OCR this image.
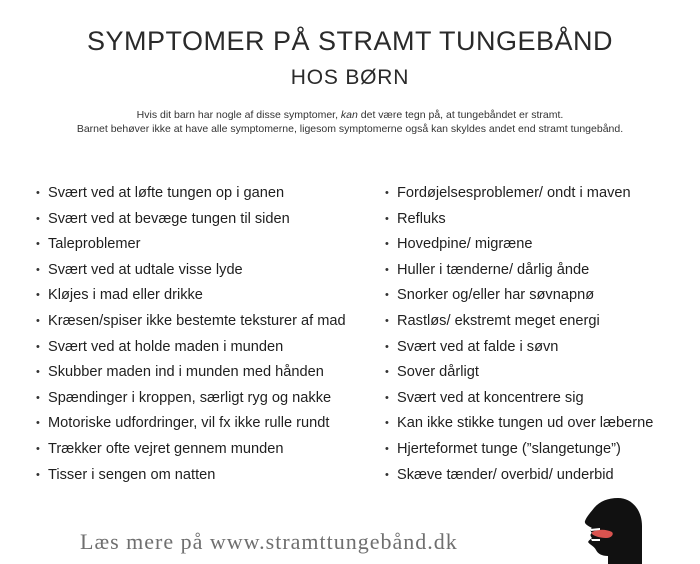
SYMPTOMER PÅ STRAMT TUNGEBÅND
HOS BØRN
Hvis dit barn har nogle af disse symptomer, kan det være tegn på, at tungebåndet er stramt.
Barnet behøver ikke at have alle symptomerne, ligesom symptomerne også kan skyldes andet end stramt tungebånd.
• Svært ved at løfte tungen op i ganen
• Svært ved at bevæge tungen til siden
• Taleproblemer
• Svært ved at udtale visse lyde
• Kløjes i mad eller drikke
• Kræsen/spiser ikke bestemte teksturer af mad
• Svært ved at holde maden i munden
• Skubber maden ind i munden med hånden
• Spændinger i kroppen, særligt ryg og nakke
• Motoriske udfordringer, vil fx ikke rulle rundt
• Trækker ofte vejret gennem munden
• Tisser i sengen om natten
• Fordøjelsesproblemer/ ondt i maven
• Refluks
• Hovedpine/ migræne
• Huller i tænderne/ dårlig ånde
• Snorker og/eller har søvnapnø
• Rastløs/ ekstremt meget energi
• Svært ved at falde i søvn
• Sover dårligt
• Svært ved at koncentrere sig
• Kan ikke stikke tungen ud over læberne
• Hjerteformet tunge (”slangetunge”)
• Skæve tænder/ overbid/ underbid
Læs mere på www.stramttungebånd.dk
